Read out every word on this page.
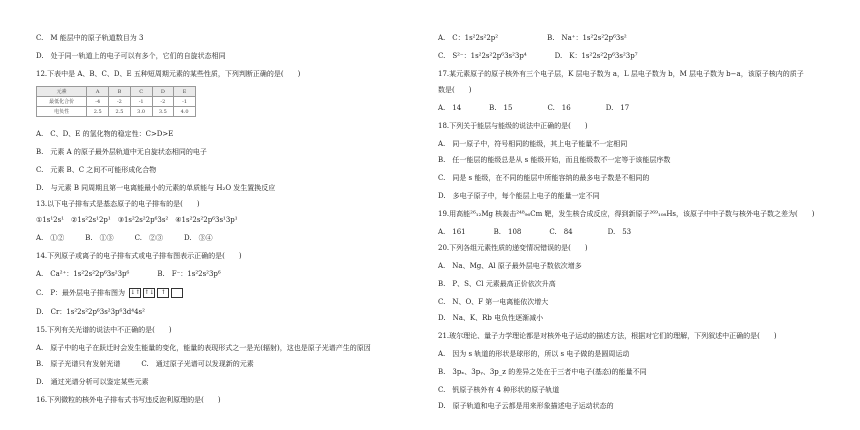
C.　M 能层中的原子轨道数目为 3
D.　处于同一轨道上的电子可以有多个，它们的自旋状态相同
12.下表中是 A、B、C、D、E 五种短周期元素的某些性质，下列判断正确的是(　　)
元素	A	B	C	D	E
最低化合价	-4	-2	-1	-2	-1
电负性	2.5	2.5	3.0	3.5	4.0
A.　C、D、E 的氢化物的稳定性：C>D>E
B.　元素 A 的原子最外层轨道中无自旋状态相同的电子
C.　元素 B、C 之间不可能形成化合物
D.　与元素 B 同周期且第一电离能最小的元素的单质能与 H₂O 发生置换反应
13.以下电子排布式是基态原子的电子排布的是(　　)
①1s¹2s¹　②1s²2s¹2p¹　③1s²2s²2p⁶3s²　④1s²2s²2p⁶3s¹3p¹
A.　①②　　　B.　①③　　　C.　②③　　　D.　③④
14.下列原子或离子的电子排布式或电子排布图表示正确的是(　　)
A.　Ca²⁺：1s²2s²2p⁶3s²3p⁶　　　　B.　F⁻：1s²2s²3p⁶
C.　P：最外层电子排布图为 ↓↑ ↑↓ ↑
D.　Cr：1s²2s²2p⁶3s²3p⁶3d⁴4s²
15.下列有关光谱的说法中不正确的是(　　)
A.　原子中的电子在跃迁时会发生能量的变化，能量的表现形式之一是光(辐射)，这也是原子光谱产生的原因
B.　原子光谱只有发射光谱　　　C.　通过原子光谱可以发现新的元素
D.　通过光谱分析可以鉴定某些元素
16.下列微粒的核外电子排布式书写违反泡利原理的是(　　)
A.　C：1s²2s²2p²　　　　　　　B.　Na⁺：1s²2s²2p⁶3s²
C.　S²⁻：1s²2s²2p⁶3s²3p⁴　　　　D.　K：1s²2s²2p⁶3s²3p⁷
17.某元素原子的原子核外有三个电子层，K 层电子数为 a，L 层电子数为 b，M 层电子数为 b−a，该原子核内的质子
数是(　　)
A.　14　　　　B.　15　　　　　C.　16　　　　　D.　17
18.下列关于能层与能级的说法中正确的是(　　)
A.　同一原子中，符号相同的能级，其上电子能量不一定相同
B.　任一能层的能级总是从 s 能级开始，而且能级数不一定等于该能层序数
C.　同是 s 能级，在不同的能层中所能容纳的最多电子数是不相同的
D.　多电子原子中，每个能层上电子的能量一定不同
19.用高能²⁶₁₂Mg 核轰击²⁴⁸₉₆Cm 靶，发生核合成反应，得到新原子²⁶⁹₁₀₈Hs，该原子中中子数与核外电子数之差为(　　)
A.　161　　　　B.　108　　　　C.　84　　　　　D.　53
20.下列各组元素性质的递变情况错误的是(　　)
A.　Na、Mg、Al 原子最外层电子数依次增多
B.　P、S、Cl 元素最高正价依次升高
C.　N、O、F 第一电离能依次增大
D.　Na、K、Rb 电负性逐渐减小
21.玻尔理论、量子力学理论都是对核外电子运动的描述方法，根据对它们的理解，下列叙述中正确的是(　　)
A.　因为 s 轨道的形状是球形的，所以 s 电子做的是圆周运动
B.　3pₓ、3pᵧ、3p_z 的差异之处在于三者中电子(基态)的能量不同
C.　钒原子核外有 4 种形状的原子轨道
D.　原子轨道和电子云都是用来形象描述电子运动状态的
